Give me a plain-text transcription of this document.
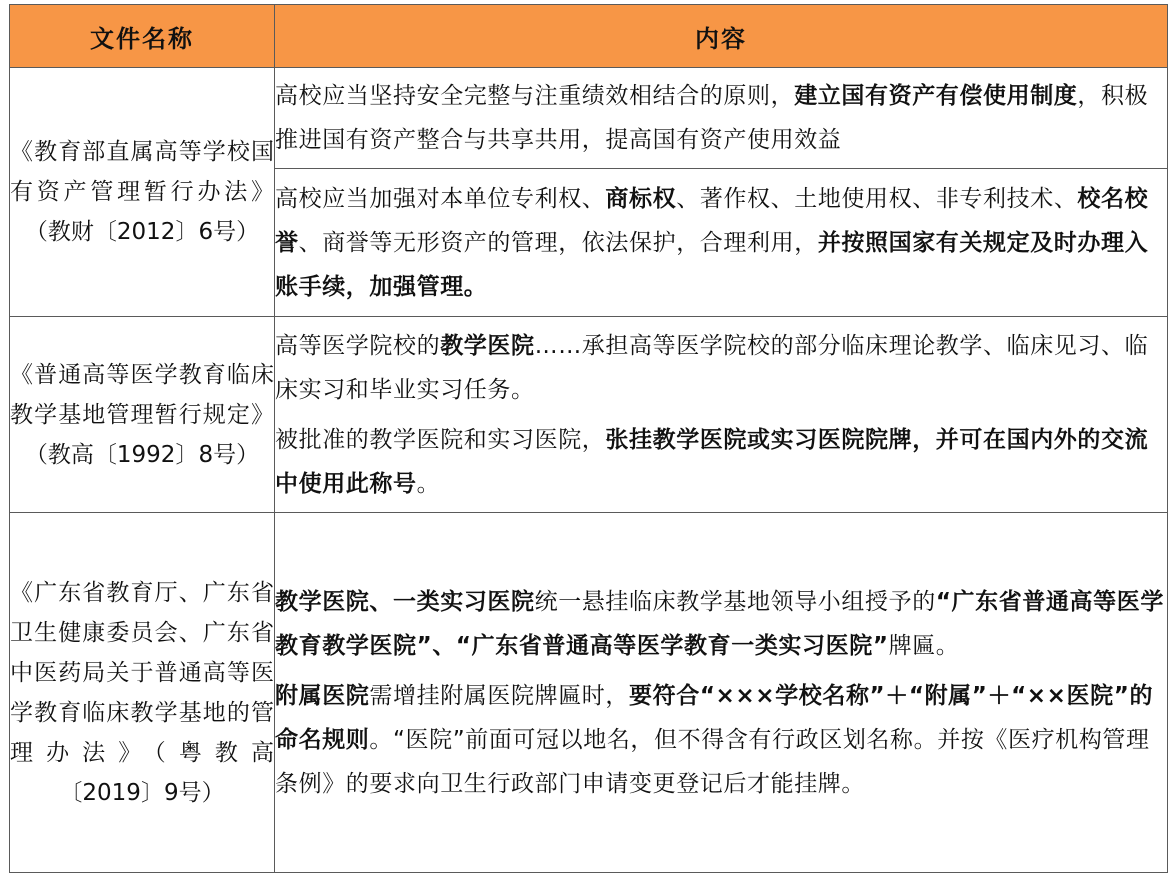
文件名称	内容
《教育部直属高等学校国有资产管理暂行办法》（教财〔2012〕6号）	高校应当坚持安全完整与注重绩效相结合的原则，建立国有资产有偿使用制度，积极推进国有资产整合与共享共用，提高国有资产使用效益

	高校应当加强对本单位专利权、商标权、著作权、土地使用权、非专利技术、校名校誉、商誉等无形资产的管理，依法保护，合理利用，并按照国家有关规定及时办理入账手续，加强管理。

《普通高等医学教育临床教学基地管理暂行规定》（教高〔1992〕8号）	高等医学院校的教学医院……承担高等医学院校的部分临床理论教学、临床见习、临床实习和毕业实习任务。

被批准的教学医院和实习医院，张挂教学医院或实习医院院牌，并可在国内外的交流中使用此称号。

《广东省教育厅、广东省卫生健康委员会、广东省中医药局关于普通高等医学教育临床教学基地的管理办法》（粤教高〔2019〕9号）	教学医院、一类实习医院统一悬挂临床教学基地领导小组授予的“广东省普通高等医学教育教学医院”、“广东省普通高等医学教育一类实习医院”牌匾。

附属医院需增挂附属医院牌匾时，要符合“×××学校名称”＋“附属”＋“××医院”的命名规则。“医院”前面可冠以地名，但不得含有行政区划名称。并按《医疗机构管理条例》的要求向卫生行政部门申请变更登记后才能挂牌。
